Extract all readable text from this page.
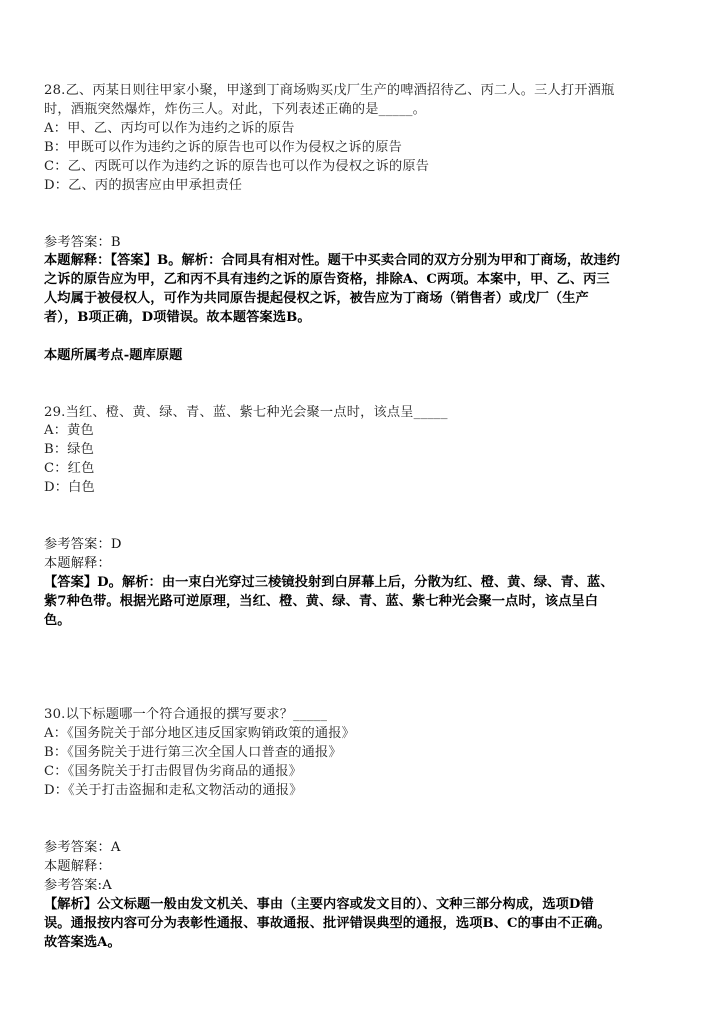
28.乙、丙某日则往甲家小聚，甲遂到丁商场购买戊厂生产的啤酒招待乙、丙二人。三人打开酒瓶
时，酒瓶突然爆炸，炸伤三人。对此，下列表述正确的是_____。
A：甲、乙、丙均可以作为违约之诉的原告
B：甲既可以作为违约之诉的原告也可以作为侵权之诉的原告
C：乙、丙既可以作为违约之诉的原告也可以作为侵权之诉的原告
D：乙、丙的损害应由甲承担责任
参考答案：B
本题解释：【答案】B。解析：合同具有相对性。题干中买卖合同的双方分别为甲和丁商场，故违约
之诉的原告应为甲，乙和丙不具有违约之诉的原告资格，排除A、C两项。本案中，甲、乙、丙三
人均属于被侵权人，可作为共同原告提起侵权之诉，被告应为丁商场（销售者）或戊厂（生产
者），B项正确，D项错误。故本题答案选B。
本题所属考点-题库原题
29.当红、橙、黄、绿、青、蓝、紫七种光会聚一点时，该点呈_____
A：黄色
B：绿色
C：红色
D：白色
参考答案：D
本题解释：
【答案】D。解析：由一束白光穿过三棱镜投射到白屏幕上后，分散为红、橙、黄、绿、青、蓝、
紫7种色带。根据光路可逆原理，当红、橙、黄、绿、青、蓝、紫七种光会聚一点时，该点呈白
色。
30.以下标题哪一个符合通报的撰写要求？_____
A：《国务院关于部分地区违反国家购销政策的通报》
B：《国务院关于进行第三次全国人口普查的通报》
C：《国务院关于打击假冒伪劣商品的通报》
D：《关于打击盗掘和走私文物活动的通报》
参考答案：A
本题解释：
参考答案:A
【解析】公文标题一般由发文机关、事由（主要内容或发文目的）、文种三部分构成，选项D错
误。通报按内容可分为表彰性通报、事故通报、批评错误典型的通报，选项B、C的事由不正确。
故答案选A。
